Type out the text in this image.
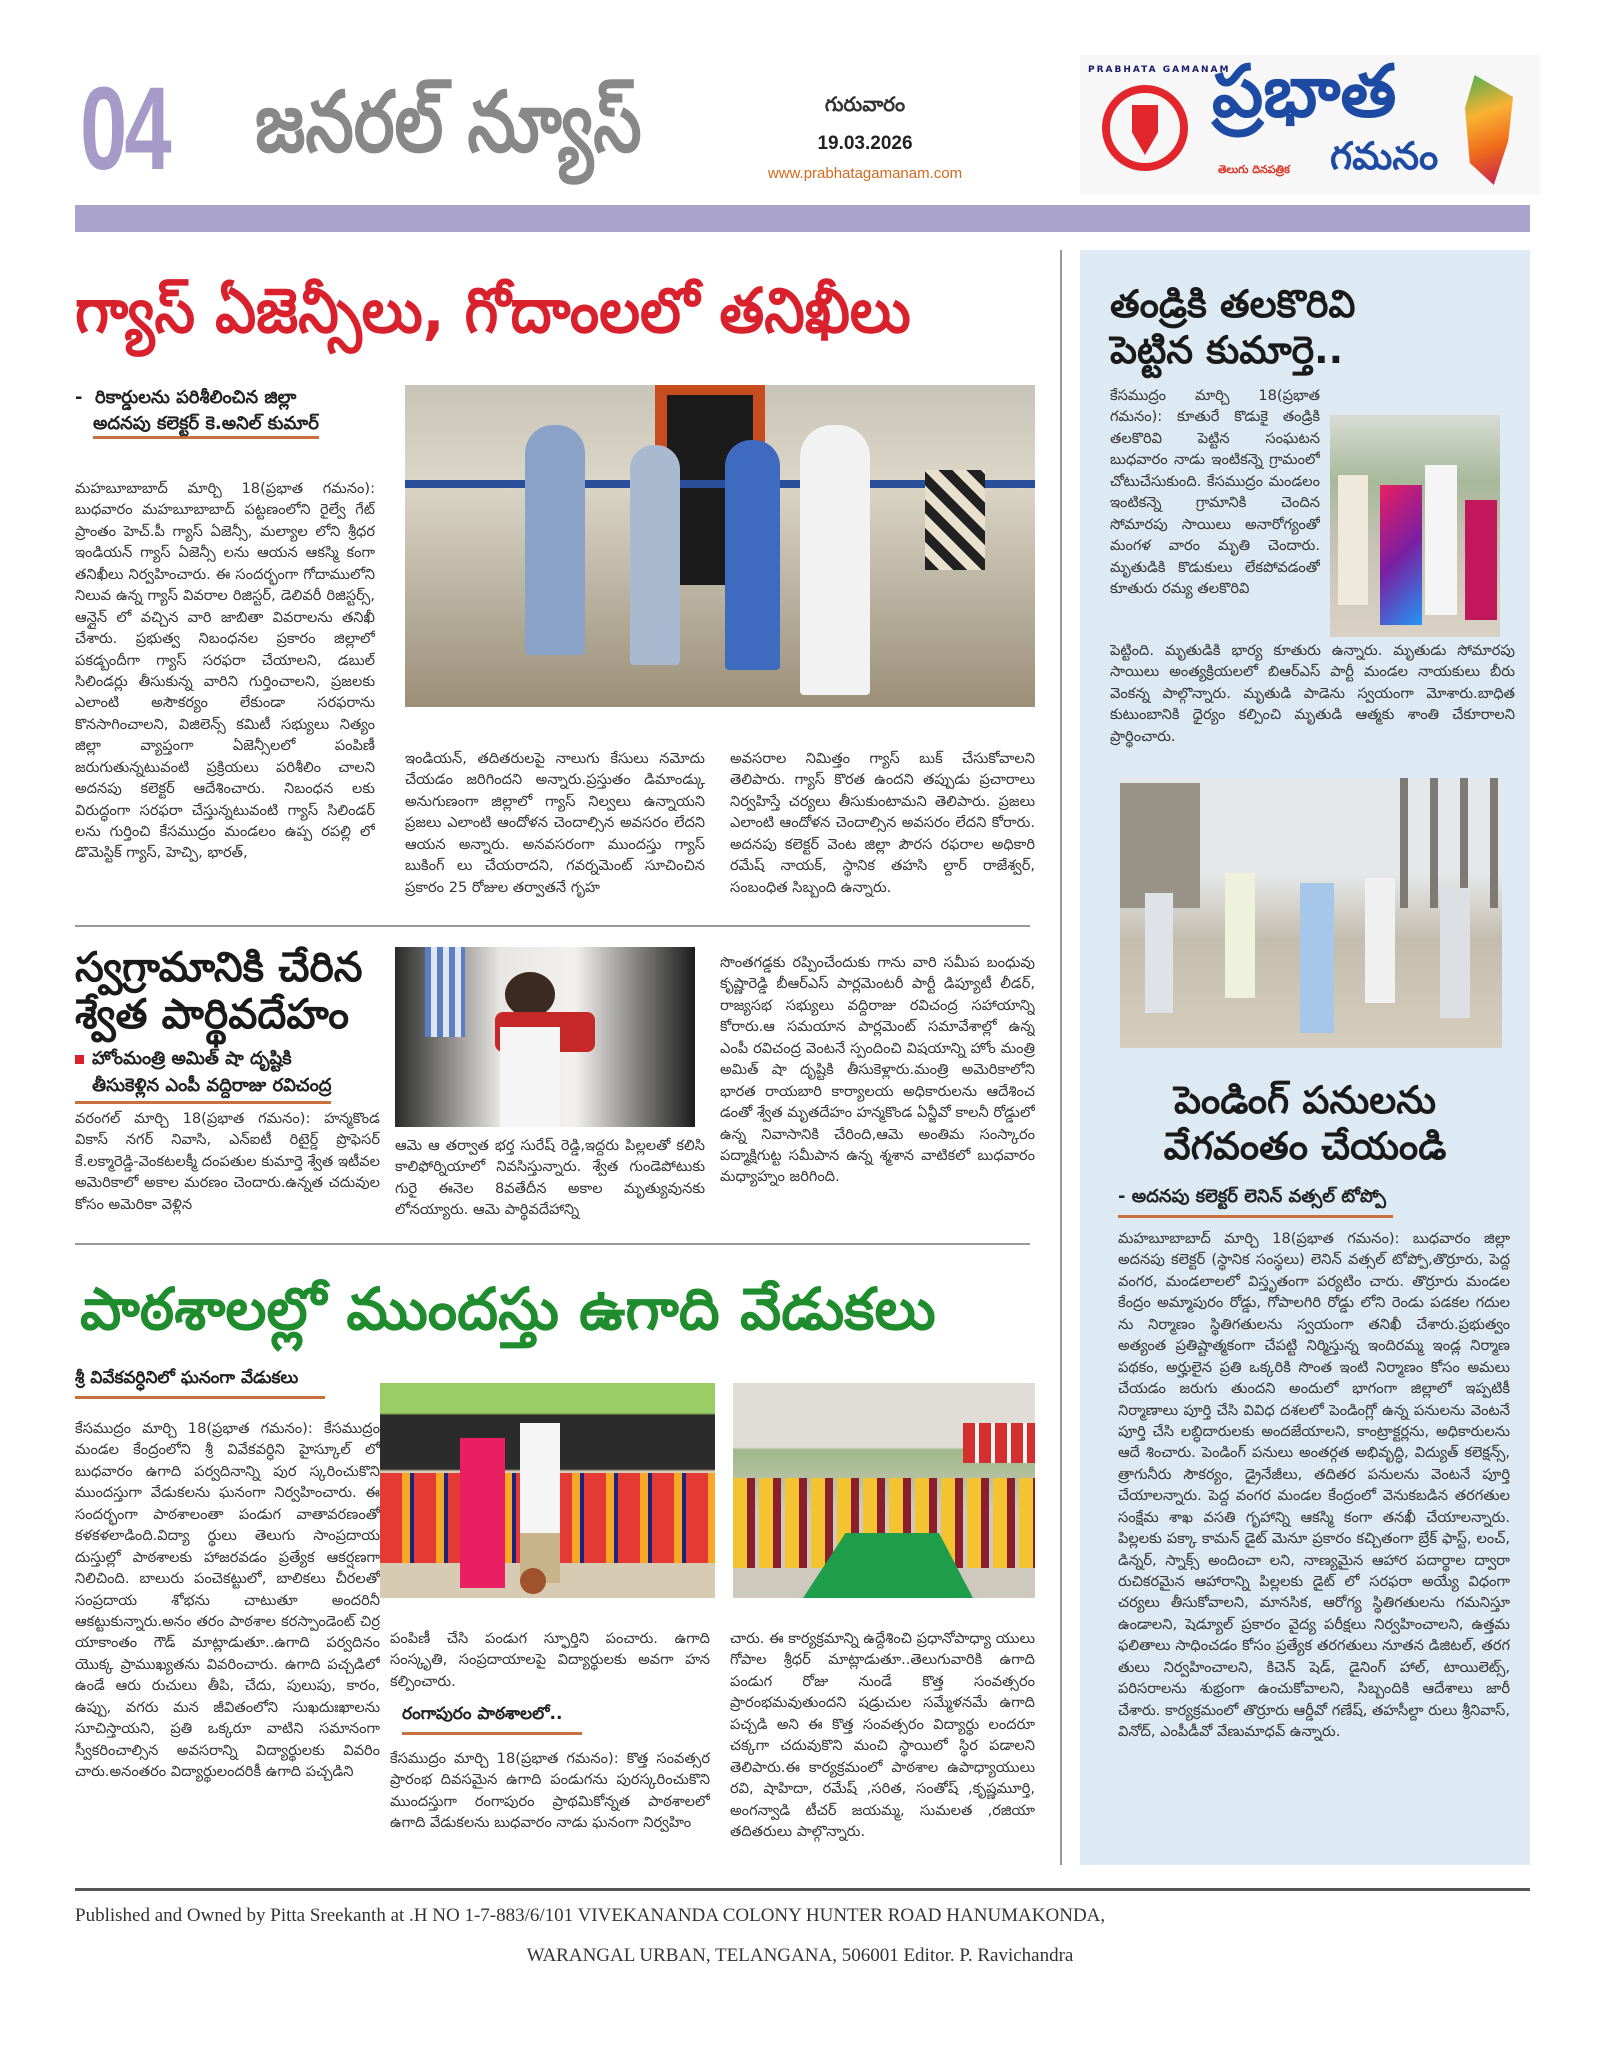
04 జనరల్ న్యూస్	గురువారం
19.03.2026
www.prabhatagamanam.com
PRABHATA GAMANAM
ప్రభాత
గమనం
తెలుగు దినపత్రిక
గ్యాస్ ఏజెన్సీలు, గోదాంలలో తనిఖీలు
- రికార్డులను పరిశీలించిన జిల్లా
అదనపు కలెక్టర్ కె.అనిల్ కుమార్
మహబూబాబాద్ మార్చి 18(ప్రభాత గమనం): బుధవారం మహబూబాబాద్ పట్టణంలోని రైల్వే గేట్ ప్రాంతం హెచ్.పీ గ్యాస్ ఏజెన్సీ, మల్యాల లోని శ్రీధర ఇండియన్ గ్యాస్ ఏజెన్సీ లను ఆయన ఆకస్మి కంగా తనిఖీలు నిర్వహించారు. ఈ సందర్భంగా గోదాములోని నిలువ ఉన్న గ్యాస్ వివరాల రిజిస్టర్, డెలివరీ రిజిస్టర్స్, ఆన్లైన్ లో వచ్చిన వారి జాబితా వివరాలను తనిఖీ చేశారు. ప్రభుత్వ నిబంధనల ప్రకారం జిల్లాలో పకడ్బందీగా గ్యాస్ సరఫరా చేయాలని, డబుల్ సిలిండర్లు తీసుకున్న వారిని గుర్తించాలని, ప్రజలకు ఎలాంటి అసౌకర్యం లేకుండా సరఫరాను కొనసాగించాలని, విజిలెన్స్ కమిటీ సభ్యులు నిత్యం జిల్లా వ్యాప్తంగా ఏజెన్సీలలో పంపిణీ జరుగుతున్నటువంటి ప్రక్రియలు పరిశీలిం చాలని అదనపు కలెక్టర్ ఆదేశించారు. నిబంధన లకు విరుద్ధంగా సరఫరా చేస్తున్నటువంటి గ్యాస్ సిలిండర్ లను గుర్తించి కేసముద్రం మండలం ఉప్ప రపల్లి లో డొమెస్టిక్ గ్యాస్, హెచ్పి, భారత్,
ఇండియన్, తదితరులపై నాలుగు కేసులు నమోదు చేయడం జరిగిందని అన్నారు.ప్రస్తుతం డిమాండ్కు అనుగుణంగా జిల్లాలో గ్యాస్ నిల్వలు ఉన్నాయని ప్రజలు ఎలాంటి ఆందోళన చెందాల్సిన అవసరం లేదని ఆయన అన్నారు. అనవసరంగా ముందస్తు గ్యాస్ బుకింగ్ లు చేయరాదని, గవర్నమెంట్ సూచించిన ప్రకారం 25 రోజుల తర్వాతనే గృహ
అవసరాల నిమిత్తం గ్యాస్ బుక్ చేసుకోవాలని తెలిపారు. గ్యాస్ కొరత ఉందని తప్పుడు ప్రచారాలు నిర్వహిస్తే చర్యలు తీసుకుంటామని తెలిపారు. ప్రజలు ఎలాంటి ఆందోళన చెందాల్సిన అవసరం లేదని కోరారు. అదనపు కలెక్టర్ వెంట జిల్లా పౌరస రఫరాల అధికారి రమేష్ నాయక్, స్థానిక తహసి ల్దార్ రాజేశ్వర్, సంబంధిత సిబ్బంది ఉన్నారు.
స్వగ్రామానికి చేరిన
శ్వేత పార్థివదేహం
హోంమంత్రి అమిత్ షా దృష్టికి
తీసుకెళ్లిన ఎంపీ వద్దిరాజు రవిచంద్ర
వరంగల్ మార్చి 18(ప్రభాత గమనం): హన్మకొండ వికాస్ నగర్ నివాసి, ఎన్ఐటీ రిటైర్డ్ ప్రొఫెసర్ కే.లక్మారెడ్డి-వెంకటలక్మీ దంపతుల కుమార్తె శ్వేత ఇటీవల అమెరికాలో అకాల మరణం చెందారు.ఉన్నత చదువుల కోసం అమెరికా వెళ్లిన
ఆమె ఆ తర్వాత భర్త సురేష్ రెడ్డి,ఇద్దరు పిల్లలతో కలిసి కాలిఫోర్నియాలో నివసిస్తున్నారు. శ్వేత గుండెపోటుకు గురై ఈనెల 8వతేదీన అకాల మృత్యువునకు లోనయ్యారు. ఆమె పార్థివదేహాన్ని
సొంతగడ్డకు రప్పించేందుకు గాను వారి సమీప బంధువు కృష్ణారెడ్డి బీఆర్ఎస్ పార్లమెంటరీ పార్టీ డిప్యూటీ లీడర్, రాజ్యసభ సభ్యులు వద్దిరాజు రవిచంద్ర సహాయాన్ని కోరారు.ఆ సమయాన పార్లమెంట్ సమావేశాల్లో ఉన్న ఎంపీ రవిచంద్ర వెంటనే స్పందించి విషయాన్ని హోం మంత్రి అమిత్ షా దృష్టికి తీసుకెళ్లారు.మంత్రి అమెరికాలోని భారత రాయబారి కార్యాలయ అధికారులను ఆదేశించ డంతో శ్వేత మృతదేహం హన్మకొండ ఏన్జీవో కాలనీ రోడ్డులో ఉన్న నివాసానికి చేరింది,ఆమె అంతిమ సంస్కారం పద్మాక్షిగుట్ట సమీపాన ఉన్న శ్మశాన వాటికలో బుధవారం మధ్యాహ్నం జరిగింది.
పాఠశాలల్లో ముందస్తు ఉగాది వేడుకలు
శ్రీ వివేకవర్ధినిలో ఘనంగా వేడుకలు
కేసముద్రం మార్చి 18(ప్రభాత గమనం): కేసముద్రం మండల కేంద్రంలోని శ్రీ వివేకవర్ధిని హైస్కూల్ లో బుధవారం ఉగాది పర్వదినాన్ని పుర స్కరించుకొని ముందస్తుగా వేడుకలను ఘనంగా నిర్వహించారు. ఈ సందర్భంగా పాఠశాలంతా పండుగ వాతావరణంతో కళకళలాడింది.విద్యా ర్థులు తెలుగు సాంప్రదాయ దుస్తుల్లో పాఠశాలకు హాజరవడం ప్రత్యేక ఆకర్షణగా నిలిచింది. బాలురు పంచెకట్టులో, బాలికలు చీరలతో సంప్రదాయ శోభను చాటుతూ అందరినీ ఆకట్టుకున్నారు.అనం తరం పాఠశాల కరస్పాండెంట్ చిర్ర యాకాంతం గౌడ్ మాట్లాడుతూ..ఉగాది పర్వదినం యొక్క ప్రాముఖ్యతను వివరించారు. ఉగాది పచ్చడిలో ఉండే ఆరు రుచులు తీపి, చేదు, పులుపు, కారం, ఉప్పు, వగరు మన జీవితంలోని సుఖదుఃఖాలను సూచిస్తాయని, ప్రతి ఒక్కరూ వాటిని సమానంగా స్వీకరించాల్సిన అవసరాన్ని విద్యార్థులకు వివరిం చారు.అనంతరం విద్యార్థులందరికీ ఉగాది పచ్చడిని
పంపిణీ చేసి పండుగ స్ఫూర్తిని పంచారు. ఉగాది సంస్కృతి, సంప్రదాయాలపై విద్యార్థులకు అవగా హన కల్పించారు.
రంగాపురం పాఠశాలలో..
కేసముద్రం మార్చి 18(ప్రభాత గమనం): కొత్త సంవత్సర ప్రారంభ దివసమైన ఉగాది పండుగను పురస్కరించుకొని ముందస్తుగా రంగాపురం ప్రాథమికోన్నత పాఠశాలలో ఉగాది వేడుకలను బుధవారం నాడు ఘనంగా నిర్వహిం
చారు. ఈ కార్యక్రమాన్ని ఉద్దేశించి ప్రధానోపాధ్యా యులు గోపాల శ్రీధర్ మాట్లాడుతూ..తెలుగువారికి ఉగాది పండుగ రోజు నుండే కొత్త సంవత్సరం ప్రారంభమవుతుందని షడ్రుచుల సమ్మేళనమే ఉగాది పచ్చడి అని ఈ కొత్త సంవత్సరం విద్యార్థు లందరూ చక్కగా చదువుకొని మంచి స్థాయిలో స్థిర పడాలని తెలిపారు.ఈ కార్యక్రమంలో పాఠశాల ఉపాధ్యాయులు రవి, షాహిదా, రమేష్ ,సరిత, సంతోష్ ,కృష్ణమూర్తి, అంగన్వాడి టీచర్ జయమ్మ, సుమలత ,రజియా తదితరులు పాల్గొన్నారు.
తండ్రికి తలకొరివి
పెట్టిన కుమార్తె..
కేసముద్రం మార్చి 18(ప్రభాత గమనం): కూతురే కొడుకై తండ్రికి తలకొరివి పెట్టిన సంఘటన బుధవారం నాడు ఇంటికన్నె గ్రామంలో చోటుచేసుకుంది. కేసముద్రం మండలం ఇంటికన్నె గ్రామానికి చెందిన సోమారపు సాయిలు అనారోగ్యంతో మంగళ వారం మృతి చెందారు. మృతుడికి కొడుకులు లేకపోవడంతో కూతురు రమ్య తలకొరివి
పెట్టింది. మృతుడికి భార్య కూతురు ఉన్నారు. మృతుడు సోమారపు సాయిలు అంత్యక్రియలలో బిఆర్ఎస్ పార్టీ మండల నాయకులు బీరు వెంకన్న పాల్గొన్నారు. మృతుడి పాడెను స్వయంగా మోశారు.బాధిత కుటుంబానికి ధైర్యం కల్పించి మృతుడి ఆత్మకు శాంతి చేకూరాలని ప్రార్థించారు.
పెండింగ్ పనులను
వేగవంతం చేయండి
- అదనపు కలెక్టర్ లెనిన్ వత్సల్ టోప్పో
మహబూబాబాద్ మార్చి 18(ప్రభాత గమనం): బుధవారం జిల్లా అదనపు కలెక్టర్ (స్థానిక సంస్థలు) లెనిన్ వత్సల్ టోప్పో,తొర్రూరు, పెద్ద వంగర, మండలాలలో విస్తృతంగా పర్యటిం చారు. తొర్రూరు మండల కేంద్రం అమ్మాపురం రోడ్డు, గోపాలగిరి రోడ్డు లోని రెండు పడకల గదుల ను నిర్మాణం స్థితిగతులను స్వయంగా తనిఖీ చేశారు.ప్రభుత్వం అత్యంత ప్రతిష్టాత్మకంగా చేపట్టి నిర్మిస్తున్న ఇందిరమ్మ ఇండ్ల నిర్మాణ పథకం, అర్హులైన ప్రతి ఒక్కరికి సొంత ఇంటి నిర్మాణం కోసం అమలు చేయడం జరుగు తుందని అందులో భాగంగా జిల్లాలో ఇప్పటికీ నిర్మాణాలు పూర్తి చేసి వివిధ దశలలో పెండింగ్లో ఉన్న పనులను వెంటనే పూర్తి చేసి లబ్ధిదారులకు అందజేయాలని, కాంట్రాక్టర్లను, అధికారులను ఆదే శించారు. పెండింగ్ పనులు అంతర్గత అభివృద్ధి, విద్యుత్ కలెక్షన్స్, త్రాగునీరు సౌకర్యం, డ్రైనేజీలు, తదితర పనులను వెంటనే పూర్తి చేయాలన్నారు. పెద్ద వంగర మండల కేంద్రంలో వెనుకబడిన తరగతుల సంక్షేమ శాఖ వసతి గృహాన్ని ఆకస్మి కంగా తనఖీ చేయాలన్నారు. పిల్లలకు పక్కా కామన్ డైట్ మెనూ ప్రకారం కచ్చితంగా బ్రేక్ ఫాస్ట్, లంచ్, డిన్నర్, స్నాక్స్ అందించా లని, నాణ్యమైన ఆహార పదార్థాల ద్వారా రుచికరమైన ఆహారాన్ని పిల్లలకు డైట్ లో సరఫరా అయ్యే విధంగా చర్యలు తీసుకోవాలని, మానసిక, ఆరోగ్య స్థితిగతులను గమనిస్తూ ఉండాలని, షెడ్యూల్ ప్రకారం వైద్య పరీక్షలు నిర్వహించాలని, ఉత్తమ ఫలితాలు సాధించడం కోసం ప్రత్యేక తరగతులు నూతన డిజిటల్, తరగ తులు నిర్వహించాలని, కిచెన్ షెడ్, డైనింగ్ హాల్, టాయిలెట్స్, పరిసరాలను శుభ్రంగా ఉంచుకోవాలని, సిబ్బందికి ఆదేశాలు జారీ చేశారు. కార్యక్రమంలో తొర్రూరు ఆర్డీవో గణేష్, తహసీల్దా రులు శ్రీనివాస్, వినోద్, ఎంపీడీవో వేణుమాధవ్ ఉన్నారు.
Published and Owned by Pitta Sreekanth at .H NO 1-7-883/6/101 VIVEKANANDA COLONY HUNTER ROAD HANUMAKONDA,
WARANGAL URBAN, TELANGANA, 506001 Editor. P. Ravichandra
